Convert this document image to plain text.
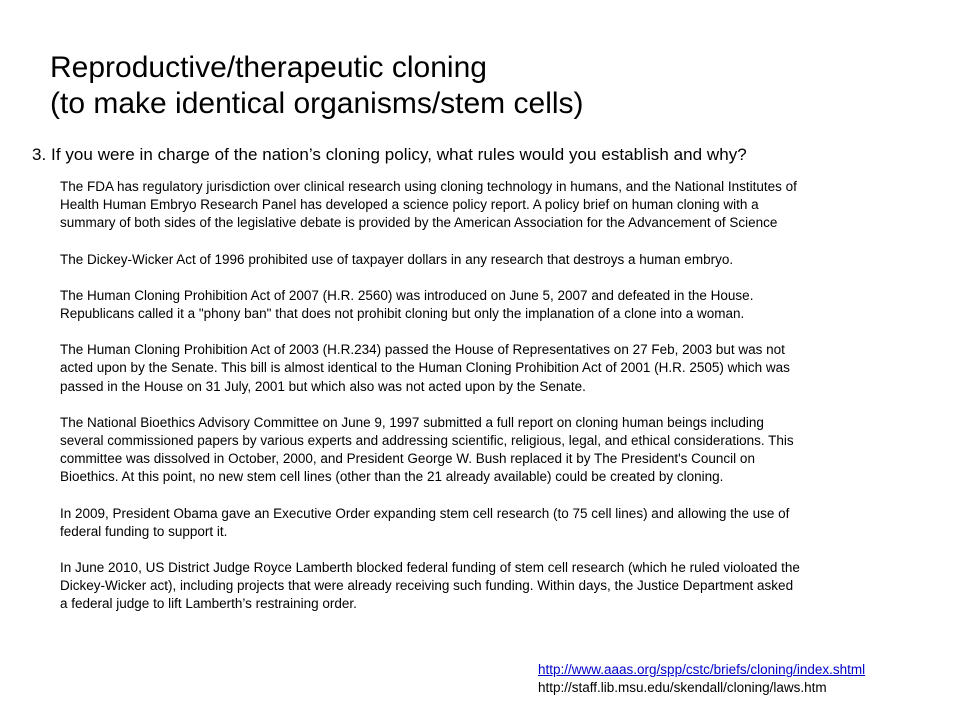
Reproductive/therapeutic cloning
(to make identical organisms/stem cells)
3. If you were in charge of the nation’s cloning policy, what rules would you establish and why?
The FDA has regulatory jurisdiction over clinical research using cloning technology in humans, and the National Institutes of
Health Human Embryo Research Panel has developed a science policy report. A policy brief on human cloning with a
summary of both sides of the legislative debate is provided by the American Association for the Advancement of Science
The Dickey-Wicker Act of 1996 prohibited use of taxpayer dollars in any research that destroys a human embryo.
The Human Cloning Prohibition Act of 2007 (H.R. 2560) was introduced on June 5, 2007 and defeated in the House.
Republicans called it a "phony ban" that does not prohibit cloning but only the implanation of a clone into a woman.
The Human Cloning Prohibition Act of 2003 (H.R.234) passed the House of Representatives on 27 Feb, 2003 but was not
acted upon by the Senate. This bill is almost identical to the Human Cloning Prohibition Act of 2001 (H.R. 2505) which was
passed in the House on 31 July, 2001 but which also was not acted upon by the Senate.
The National Bioethics Advisory Committee on June 9, 1997 submitted a full report on cloning human beings including
several commissioned papers by various experts and addressing scientific, religious, legal, and ethical considerations. This
committee was dissolved in October, 2000, and President George W. Bush replaced it by The President's Council on
Bioethics. At this point, no new stem cell lines (other than the 21 already available) could be created by cloning.
In 2009, President Obama gave an Executive Order expanding stem cell research (to 75 cell lines) and allowing the use of
federal funding to support it.
In June 2010, US District Judge Royce Lamberth blocked federal funding of stem cell research (which he ruled violoated the
Dickey-Wicker act), including projects that were already receiving such funding. Within days, the Justice Department asked
a federal judge to lift Lamberth’s restraining order.
http://www.aaas.org/spp/cstc/briefs/cloning/index.shtml
http://staff.lib.msu.edu/skendall/cloning/laws.htm
